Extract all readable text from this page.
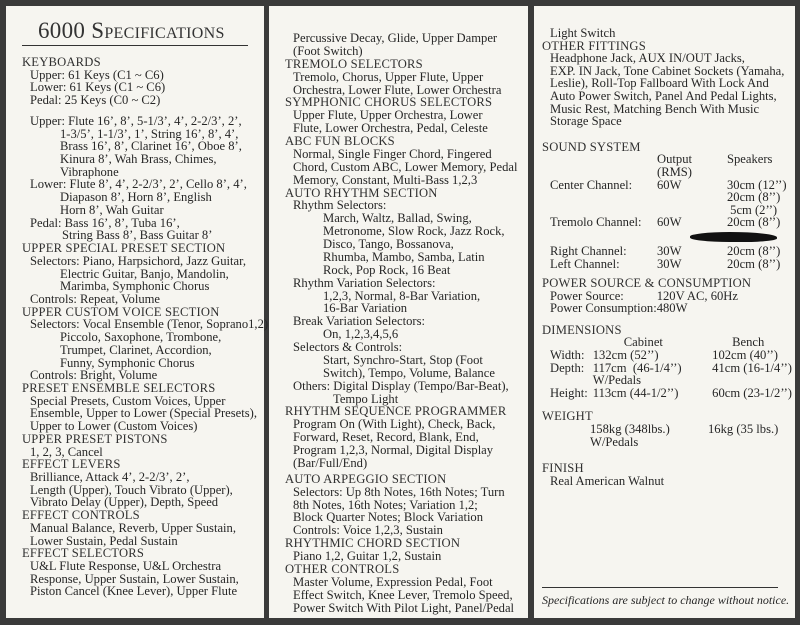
6000 Specifications
KEYBOARDS
Upper: 61 Keys (C1 ~ C6)
Lower: 61 Keys (C1 ~ C6)
Pedal: 25 Keys (C0 ~ C2)
Upper: Flute 16’, 8’, 5-1/3’, 4’, 2-2/3’, 2’,
1-3/5’, 1-1/3’, 1’, String 16’, 8’, 4’,
Brass 16’, 8’, Clarinet 16’, Oboe 8’,
Kinura 8’, Wah Brass, Chimes,
Vibraphone
Lower: Flute 8’, 4’, 2-2/3’, 2’, Cello 8’, 4’,
Diapason 8’, Horn 8’, English
Horn 8’, Wah Guitar
Pedal: Bass 16’, 8’, Tuba 16’,
String Bass 8’, Bass Guitar 8’
UPPER SPECIAL PRESET SECTION
Selectors: Piano, Harpsichord, Jazz Guitar,
Electric Guitar, Banjo, Mandolin,
Marimba, Symphonic Chorus
Controls: Repeat, Volume
UPPER CUSTOM VOICE SECTION
Selectors: Vocal Ensemble (Tenor, Soprano1,2)
Piccolo, Saxophone, Trombone,
Trumpet, Clarinet, Accordion,
Funny, Symphonic Chorus
Controls: Bright, Volume
PRESET ENSEMBLE SELECTORS
Special Presets, Custom Voices, Upper
Ensemble, Upper to Lower (Special Presets),
Upper to Lower (Custom Voices)
UPPER PRESET PISTONS
1, 2, 3, Cancel
EFFECT LEVERS
Brilliance, Attack 4’, 2-2/3’, 2’,
Length (Upper), Touch Vibrato (Upper),
Vibrato Delay (Upper), Depth, Speed
EFFECT CONTROLS
Manual Balance, Reverb, Upper Sustain,
Lower Sustain, Pedal Sustain
EFFECT SELECTORS
U&L Flute Response, U&L Orchestra
Response, Upper Sustain, Lower Sustain,
Piston Cancel (Knee Lever), Upper Flute
Percussive Decay, Glide, Upper Damper
(Foot Switch)
TREMOLO SELECTORS
Tremolo, Chorus, Upper Flute, Upper
Orchestra, Lower Flute, Lower Orchestra
SYMPHONIC CHORUS SELECTORS
Upper Flute, Upper Orchestra, Lower
Flute, Lower Orchestra, Pedal, Celeste
ABC FUN BLOCKS
Normal, Single Finger Chord, Fingered
Chord, Custom ABC, Lower Memory, Pedal
Memory, Constant, Multi-Bass 1,2,3
AUTO RHYTHM SECTION
Rhythm Selectors:
March, Waltz, Ballad, Swing,
Metronome, Slow Rock, Jazz Rock,
Disco, Tango, Bossanova,
Rhumba, Mambo, Samba, Latin
Rock, Pop Rock, 16 Beat
Rhythm Variation Selectors:
1,2,3, Normal, 8-Bar Variation,
16-Bar Variation
Break Variation Selectors:
On, 1,2,3,4,5,6
Selectors & Controls:
Start, Synchro-Start, Stop (Foot
Switch), Tempo, Volume, Balance
Others: Digital Display (Tempo/Bar-Beat),
Tempo Light
RHYTHM SEQUENCE PROGRAMMER
Program On (With Light), Check, Back,
Forward, Reset, Record, Blank, End,
Program 1,2,3, Normal, Digital Display
(Bar/Full/End)
AUTO ARPEGGIO SECTION
Selectors: Up 8th Notes, 16th Notes; Turn
8th Notes, 16th Notes; Variation 1,2;
Block Quarter Notes; Block Variation
Controls: Voice 1,2,3, Sustain
RHYTHMIC CHORD SECTION
Piano 1,2, Guitar 1,2, Sustain
OTHER CONTROLS
Master Volume, Expression Pedal, Foot
Effect Switch, Knee Lever, Tremolo Speed,
Power Switch With Pilot Light, Panel/Pedal
Light Switch
OTHER FITTINGS
Headphone Jack, AUX IN/OUT Jacks,
EXP. IN Jack, Tone Cabinet Sockets (Yamaha,
Leslie), Roll-Top Fallboard With Lock And
Auto Power Switch, Panel And Pedal Lights,
Music Rest, Matching Bench With Music
Storage Space
SOUND SYSTEM
	Output	Speakers
	(RMS)	
Center Channel:	60W	30cm (12’’)
		20cm (8’’)
		5cm (2’’)
Tremolo Channel:	60W	20cm (8’’)

Right Channel:	30W	20cm (8’’)
Left Channel:	30W	20cm (8’’)
POWER SOURCE & CONSUMPTION
Power Source:	120V AC, 60Hz
Power Consumption:	480W
DIMENSIONS
	Cabinet	Bench
Width:	132cm (52’’)	102cm (40’’)
Depth:	117cm  (46-1/4’’)	41cm (16-1/4’’)
	W/Pedals	
Height:	113cm (44-1/2’’)	60cm (23-1/2’’)
WEIGHT
158kg (348lbs.)	16kg (35 lbs.)
W/Pedals	
FINISH
Real American Walnut
Specifications are subject to change without notice.
